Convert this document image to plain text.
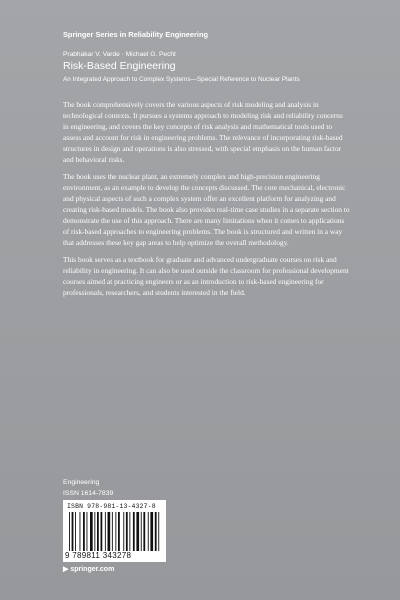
Springer Series in Reliability Engineering
Prabhakar V. Varde · Michael G. Pecht
Risk-Based Engineering
An Integrated Approach to Complex Systems—Special Reference to Nuclear Plants

The book comprehensively covers the various aspects of risk modeling and analysis in technological contexts. It pursues a systems approach to modeling risk and reliability concerns in engineering, and covers the key concepts of risk analysis and mathematical tools used to assess and account for risk in engineering problems. The relevance of incorporating risk-based structures in design and operations is also stressed, with special emphasis on the human factor and behavioral risks.

The book uses the nuclear plant, an extremely complex and high-precision engineering environment, as an example to develop the concepts discussed. The core mechanical, electronic and physical aspects of such a complex system offer an excellent platform for analyzing and creating risk-based models. The book also provides real-time case studies in a separate section to demonstrate the use of this approach. There are many limitations when it comes to applications of risk-based approaches to engineering problems. The book is structured and written in a way that addresses these key gap areas to help optimize the overall methodology.

This book serves as a textbook for graduate and advanced undergraduate courses on risk and reliability in engineering. It can also be used outside the classroom for professional development courses aimed at practicing engineers or as an introduction to risk-based engineering for professionals, researchers, and students interested in the field.

Engineering
ISSN 1614-7839
ISBN 978-981-13-4327-8
9 789811 343278
▶ springer.com
